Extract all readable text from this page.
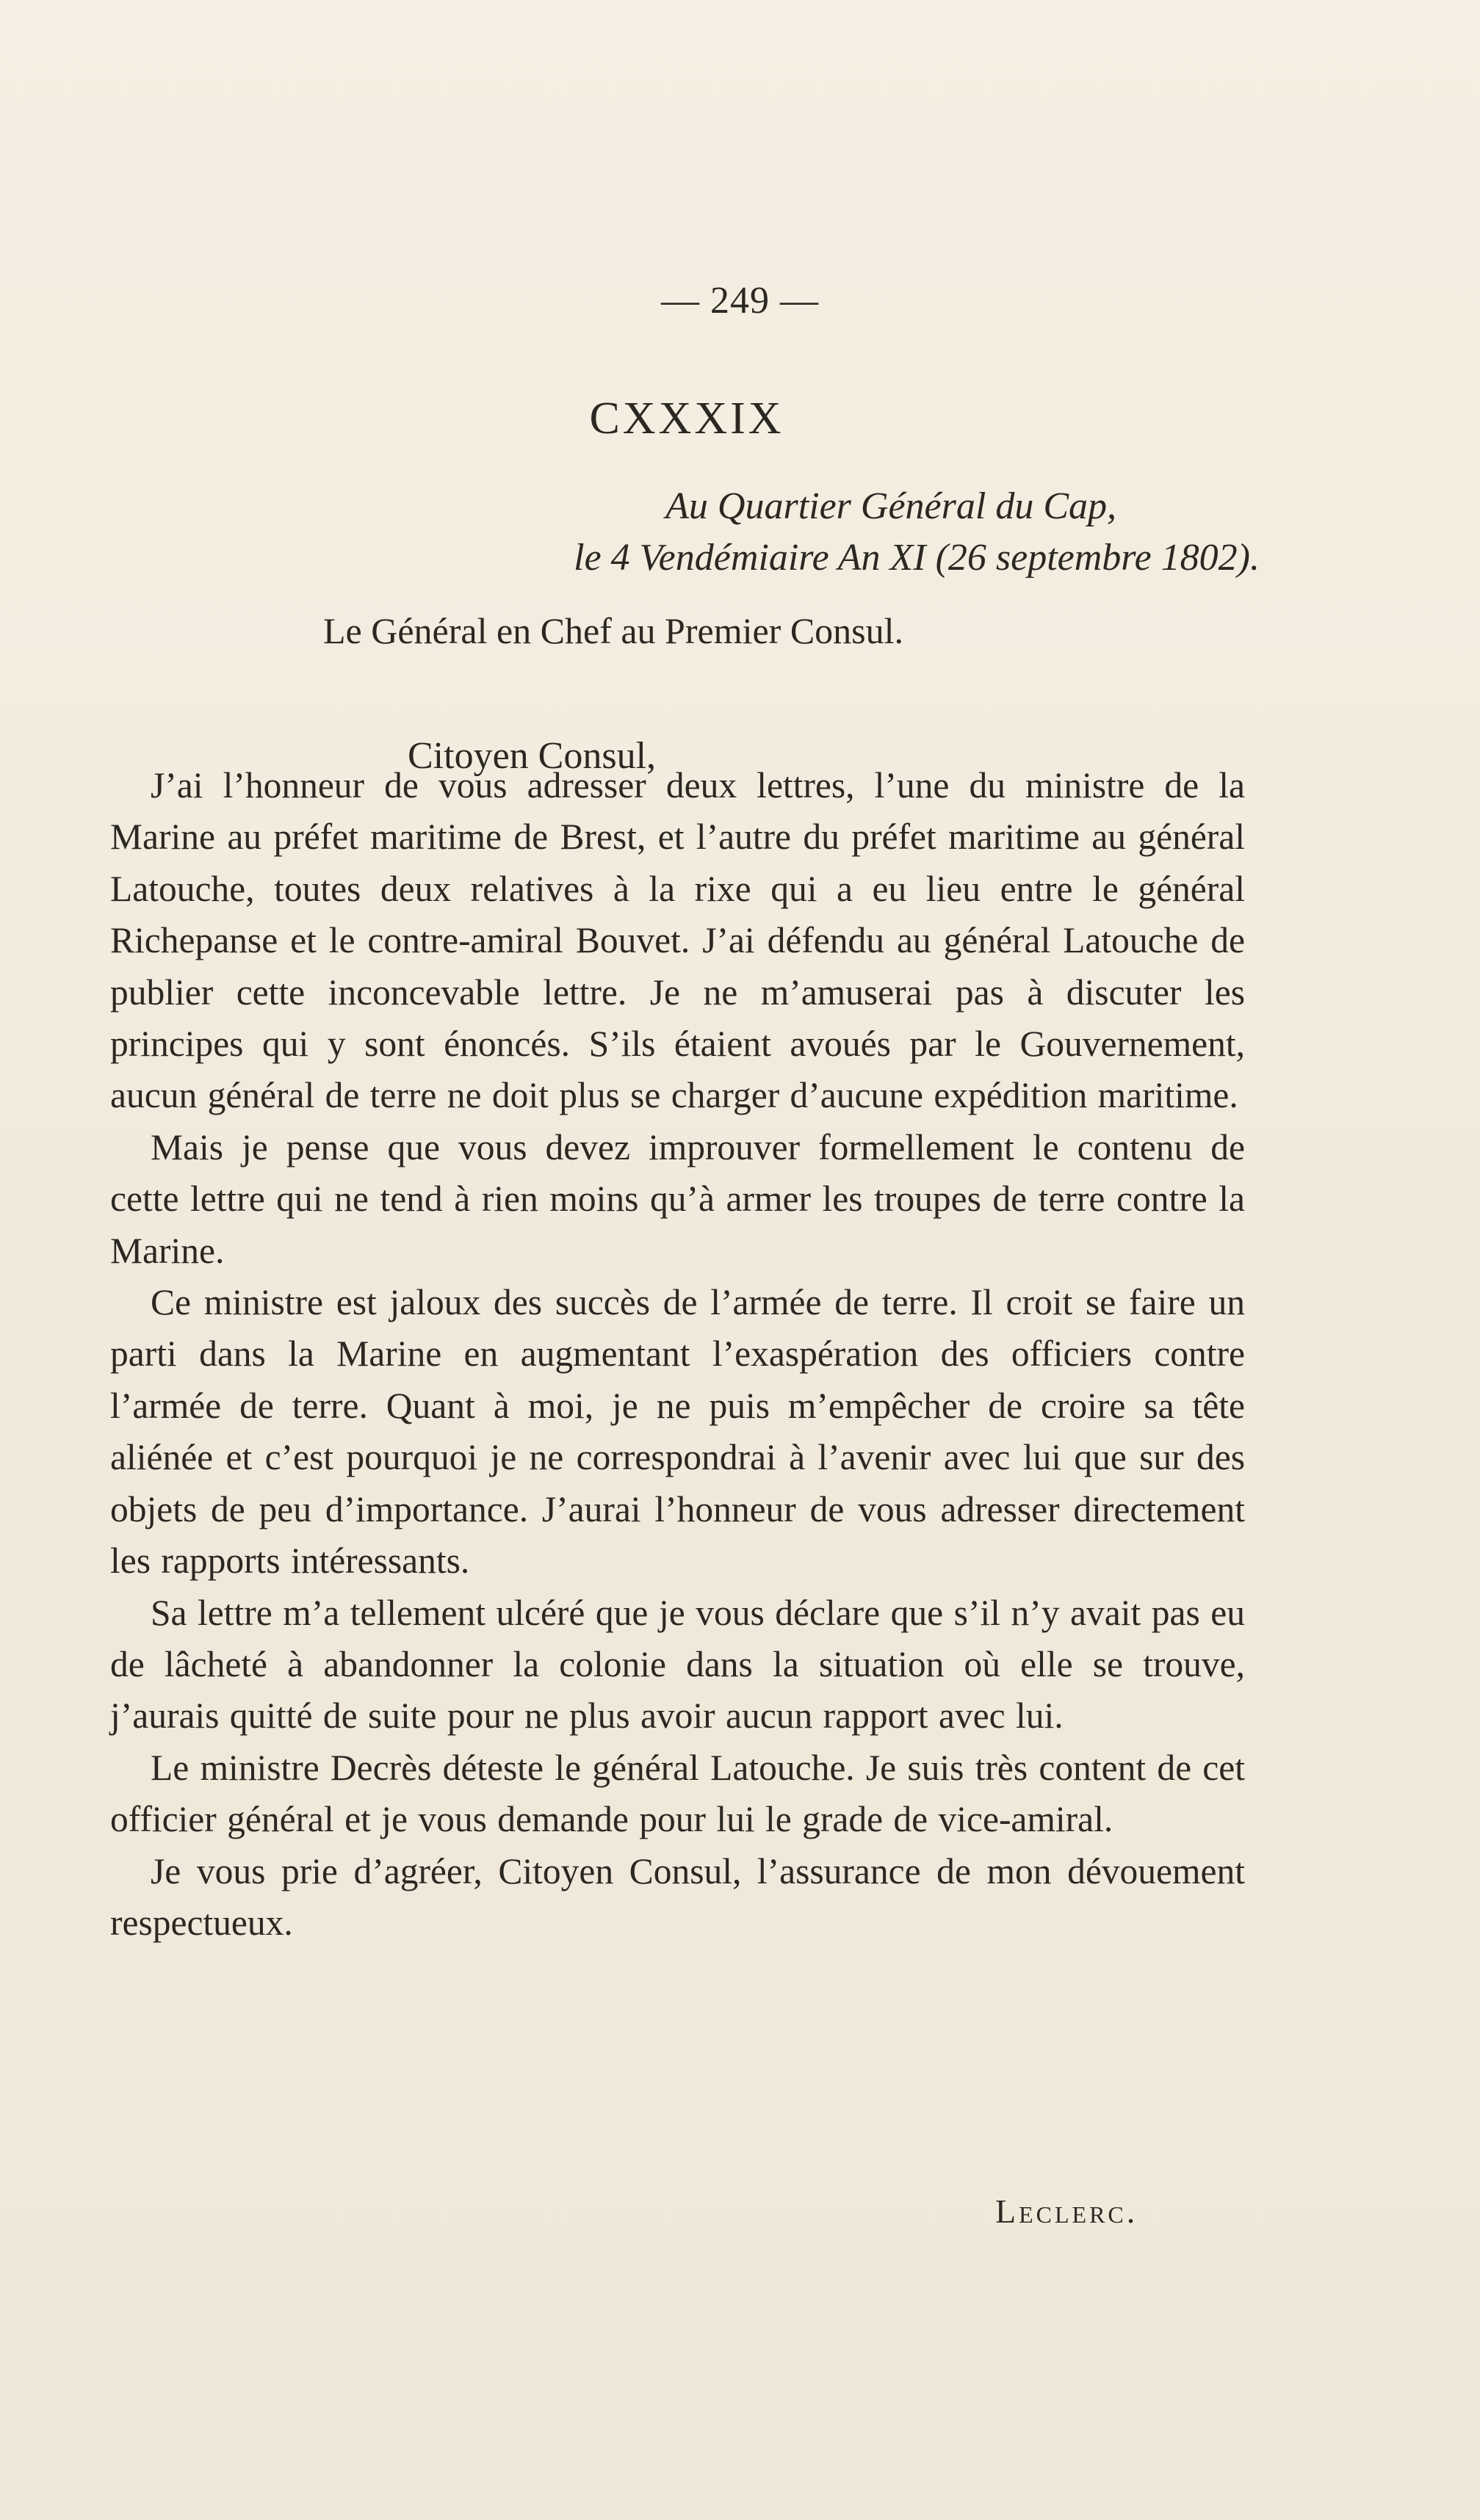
— 249 —
CXXXIX
Au Quartier Général du Cap,
le 4 Vendémiaire An XI (26 septembre 1802).
Le Général en Chef au Premier Consul.
Citoyen Consul,

J’ai l’honneur de vous adresser deux lettres, l’une du ministre de la Marine au préfet maritime de Brest, et l’autre du préfet maritime au général Latouche, toutes deux relatives à la rixe qui a eu lieu entre le général Richepanse et le contre-amiral Bouvet. J’ai défendu au général Latouche de publier cette inconcevable lettre. Je ne m’amuserai pas à discuter les principes qui y sont énoncés. S’ils étaient avoués par le Gouvernement, aucun général de terre ne doit plus se charger d’aucune expédition maritime.

Mais je pense que vous devez improuver formellement le contenu de cette lettre qui ne tend à rien moins qu’à armer les troupes de terre contre la Marine.

Ce ministre est jaloux des succès de l’armée de terre. Il croit se faire un parti dans la Marine en augmentant l’exaspération des officiers contre l’armée de terre. Quant à moi, je ne puis m’empêcher de croire sa tête aliénée et c’est pourquoi je ne correspondrai à l’avenir avec lui que sur des objets de peu d’importance. J’aurai l’honneur de vous adresser directement les rapports intéressants.

Sa lettre m’a tellement ulcéré que je vous déclare que s’il n’y avait pas eu de lâcheté à abandonner la colonie dans la situation où elle se trouve, j’aurais quitté de suite pour ne plus avoir aucun rapport avec lui.

Le ministre Decrès déteste le général Latouche. Je suis très content de cet officier général et je vous demande pour lui le grade de vice-amiral.

Je vous prie d’agréer, Citoyen Consul, l’assurance de mon dévouement respectueux.

Leclerc.
